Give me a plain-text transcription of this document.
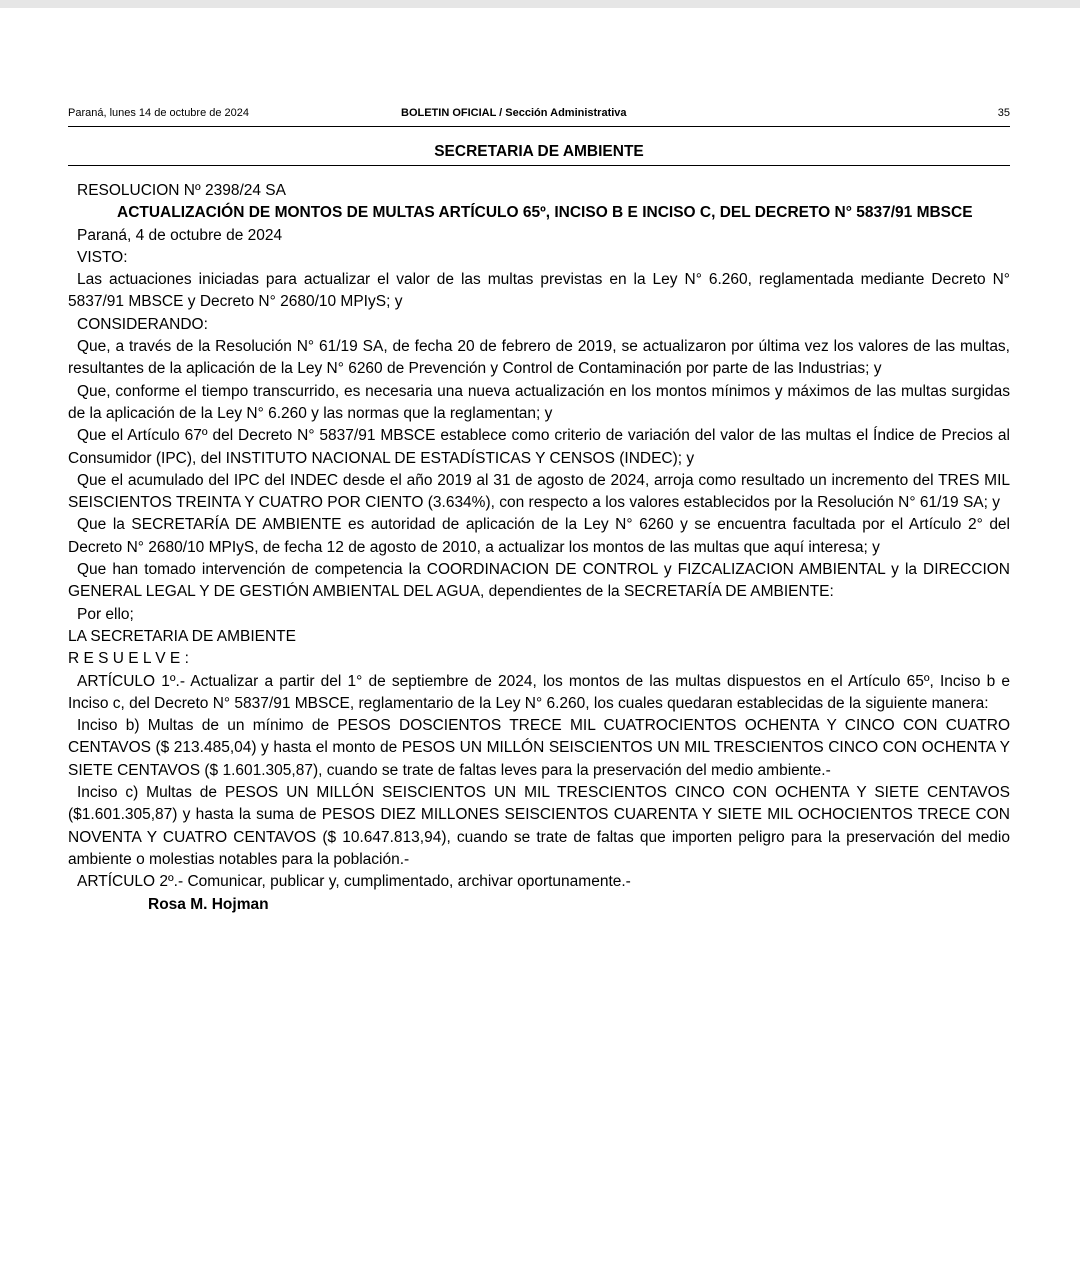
Paraná, lunes 14 de octubre de 2024	BOLETIN OFICIAL / Sección Administrativa	35
SECRETARIA DE AMBIENTE

RESOLUCION Nº 2398/24 SA

ACTUALIZACIÓN DE MONTOS DE MULTAS ARTÍCULO 65º, INCISO B E INCISO C, DEL DECRETO N° 5837/91 MBSCE

Paraná, 4 de octubre de 2024

VISTO:

Las actuaciones iniciadas para actualizar el valor de las multas previstas en la Ley N° 6.260, reglamentada mediante Decreto N° 5837/91 MBSCE y Decreto N° 2680/10 MPIyS; y

CONSIDERANDO:

Que, a través de la Resolución N° 61/19 SA, de fecha 20 de febrero de 2019, se actualizaron por última vez los valores de las multas, resultantes de la aplicación de la Ley N° 6260 de Prevención y Control de Contaminación por parte de las Industrias; y

Que, conforme el tiempo transcurrido, es necesaria una nueva actualización en los montos mínimos y máximos de las multas surgidas de la aplicación de la Ley N° 6.260 y las normas que la reglamentan; y

Que el Artículo 67º del Decreto N° 5837/91 MBSCE establece como criterio de variación del valor de las multas el Índice de Precios al Consumidor (IPC), del INSTITUTO NACIONAL DE ESTADÍSTICAS Y CENSOS (INDEC); y

Que el acumulado del IPC del INDEC desde el año 2019 al 31 de agosto de 2024, arroja como resultado un incremento del TRES MIL SEISCIENTOS TREINTA Y CUATRO POR CIENTO (3.634%), con respecto a los valores establecidos por la Resolución N° 61/19 SA; y

Que la SECRETARÍA DE AMBIENTE es autoridad de aplicación de la Ley N° 6260 y se encuentra facultada por el Artículo 2° del Decreto N° 2680/10 MPIyS, de fecha 12 de agosto de 2010, a actualizar los montos de las multas que aquí interesa; y

Que han tomado intervención de competencia la COORDINACION DE CONTROL y FIZCALIZACION AMBIENTAL y la DIRECCION GENERAL LEGAL Y DE GESTIÓN AMBIENTAL DEL AGUA, dependientes de la SECRETARÍA DE AMBIENTE:

Por ello;

LA SECRETARIA DE AMBIENTE

R E S U E L V E :

ARTÍCULO 1º.- Actualizar a partir del 1° de septiembre de 2024, los montos de las multas dispuestos en el Artículo 65º, Inciso b e Inciso c, del Decreto N° 5837/91 MBSCE, reglamentario de la Ley N° 6.260, los cuales quedaran establecidas de la siguiente manera:

Inciso b) Multas de un mínimo de PESOS DOSCIENTOS TRECE MIL CUATROCIENTOS OCHENTA Y CINCO CON CUATRO CENTAVOS ($ 213.485,04) y hasta el monto de PESOS UN MILLÓN SEISCIENTOS UN MIL TRESCIENTOS CINCO CON OCHENTA Y SIETE CENTAVOS ($ 1.601.305,87), cuando se trate de faltas leves para la preservación del medio ambiente.-

Inciso c) Multas de PESOS UN MILLÓN SEISCIENTOS UN MIL TRESCIENTOS CINCO CON OCHENTA Y SIETE CENTAVOS ($1.601.305,87) y hasta la suma de PESOS DIEZ MILLONES SEISCIENTOS CUARENTA Y SIETE MIL OCHOCIENTOS TRECE CON NOVENTA Y CUATRO CENTAVOS ($ 10.647.813,94), cuando se trate de faltas que importen peligro para la preservación del medio ambiente o molestias notables para la población.-

ARTÍCULO 2º.- Comunicar, publicar y, cumplimentado, archivar oportunamente.-

Rosa M. Hojman
